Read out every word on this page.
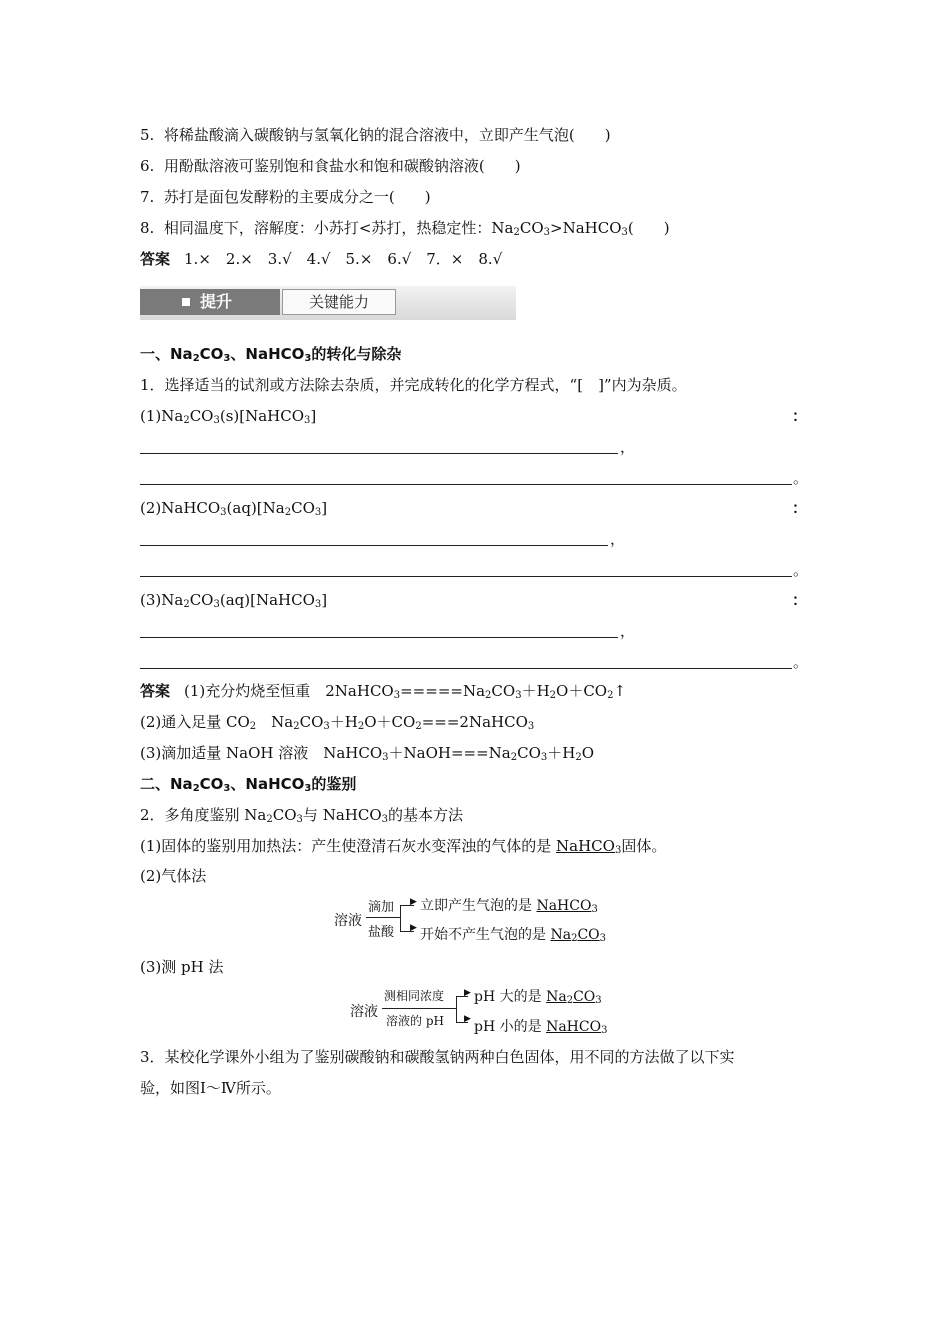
5. 将稀盐酸滴入碳酸钠与氢氧化钠的混合溶液中，立即产生气泡(　　)
6. 用酚酞溶液可鉴别饱和食盐水和饱和碳酸钠溶液(　　)
7. 苏打是面包发酵粉的主要成分之一(　　)
8. 相同温度下，溶解度：小苏打<苏打，热稳定性：$Na_2CO_3>NaHCO_3$(　　)
答案 1.×　2.×　3.√　4.√　5.×　6.√　7．×　8.√
提升	关键能力
一、$Na_2CO_3$、NaHCO$_3$的转化与除杂
1．选择适当的试剂或方法除去杂质，并完成转化的化学方程式，“[　]”内为杂质。
$(1)Na_2CO_3(s)[NaHCO_3]$	：
，
。
$(2)NaHCO_3(aq)[Na_2CO_3]$	：
，
。
$(3)Na_2CO_3(aq)[NaHCO_3]$	：
，
。
答案 (1)充分灼烧至恒重　$2NaHCO_3=====Na_2CO_3+H_2O+CO_2↑$
(2)通入足量 $CO_2$　$Na_2CO_3+H_2O+CO_2===2NaHCO_3$
(3)滴加适量 NaOH 溶液　$NaHCO_3+NaOH===Na_2CO_3+H_2O$
二、$Na_2CO_3$、NaHCO$_3$的鉴别
2．多角度鉴别 $Na_2CO_3$与 NaHCO$_3$的基本方法
(1)固体的鉴别用加热法：产生使澄清石灰水变浑浊的气体的是 NaHCO$_3$固体。
(2)气体法
溶液
滴加
盐酸
▶
▶
立即产生气泡的是 NaHCO$_3$
开始不产生气泡的是 $Na_2CO_3$
(3)测 pH 法
溶液
测相同浓度
溶液的 pH
▶
▶
pH 大的是 $Na_2CO_3$
pH 小的是 NaHCO$_3$
3．某校化学课外小组为了鉴别碳酸钠和碳酸氢钠两种白色固体，用不同的方法做了以下实
验，如图Ⅰ～Ⅳ所示。
